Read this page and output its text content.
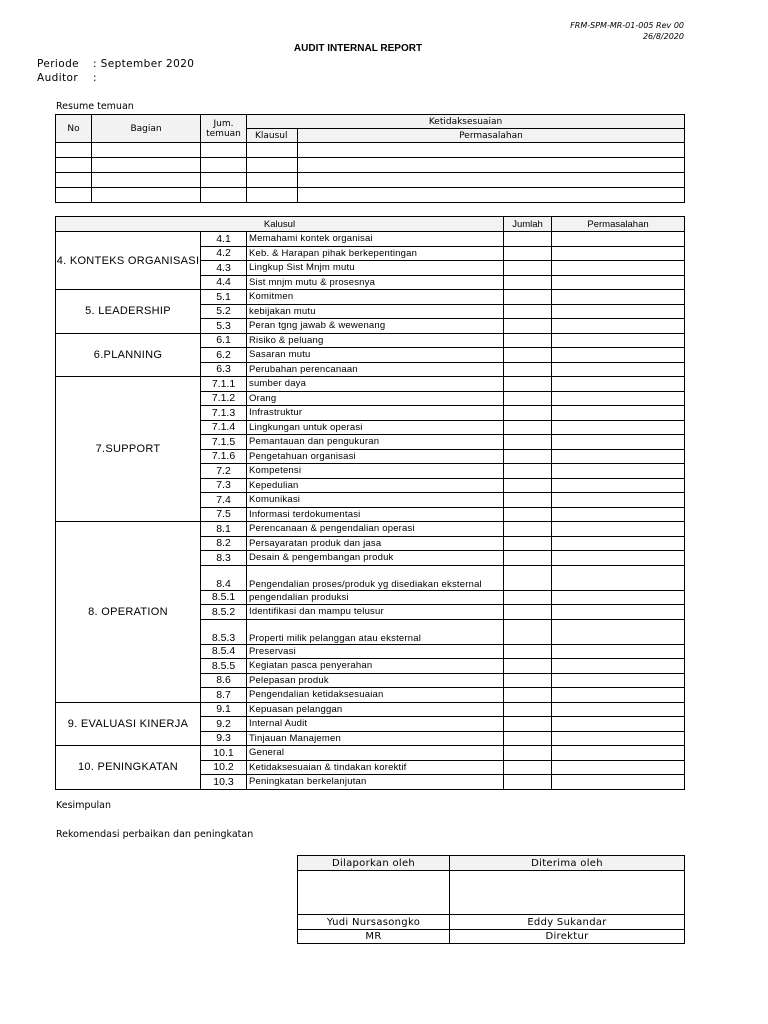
FRM-SPM-MR-01-005 Rev 00
26/8/2020
AUDIT INTERNAL REPORT
Periode : September 2020
Auditor :
Resume temuan
No	Bagian	Jum. temuan	Ketidaksesuaian	
			Klausul	Permasalahan

Kalusul			Jumlah	Permasalahan
4. KONTEKS ORGANISASI	4.1	Memahami kontek organisai		
	4.2	Keb. & Harapan pihak berkepentingan		
	4.3	Lingkup Sist Mnjm mutu		
	4.4	Sist mnjm mutu & prosesnya		
5. LEADERSHIP	5.1	Komitmen		
	5.2	kebijakan mutu		
	5.3	Peran tgng jawab & wewenang		
6.PLANNING	6.1	Risiko & peluang		
	6.2	Sasaran mutu		
	6.3	Perubahan perencanaan		
7.SUPPORT	7.1.1	sumber daya		
	7.1.2	Orang		
	7.1.3	Infrastruktur		
	7.1.4	Lingkungan untuk operasi		
	7.1.5	Pemantauan dan pengukuran		
	7.1.6	Pengetahuan organisasi		
	7.2	Kompetensi		
	7.3	Kepedulian		
	7.4	Komunikasi		
	7.5	Informasi terdokumentasi		
8. OPERATION	8.1	Perencanaan & pengendalian operasi		
	8.2	Persayaratan produk dan jasa		
	8.3	Desain & pengembangan produk		
	8.4	Pengendalian proses/produk yg disediakan eksternal		
	8.5.1	pengendalian produksi		
	8.5.2	Identifikasi dan mampu telusur		
	8.5.3	Properti milik pelanggan atau eksternal		
	8.5.4	Preservasi		
	8.5.5	Kegiatan pasca penyerahan		
	8.6	Pelepasan produk		
	8.7	Pengendalian ketidaksesuaian		
9. EVALUASI KINERJA	9.1	Kepuasan pelanggan		
	9.2	Internal Audit		
	9.3	Tinjauan Manajemen		
10. PENINGKATAN	10.1	General		
	10.2	Ketidaksesuaian & tindakan korektif		
	10.3	Peningkatan berkelanjutan		
Kesimpulan
Rekomendasi perbaikan dan peningkatan
Dilaporkan oleh	Diterima oleh

Yudi Nursasongko	Eddy Sukandar
MR	Direktur
